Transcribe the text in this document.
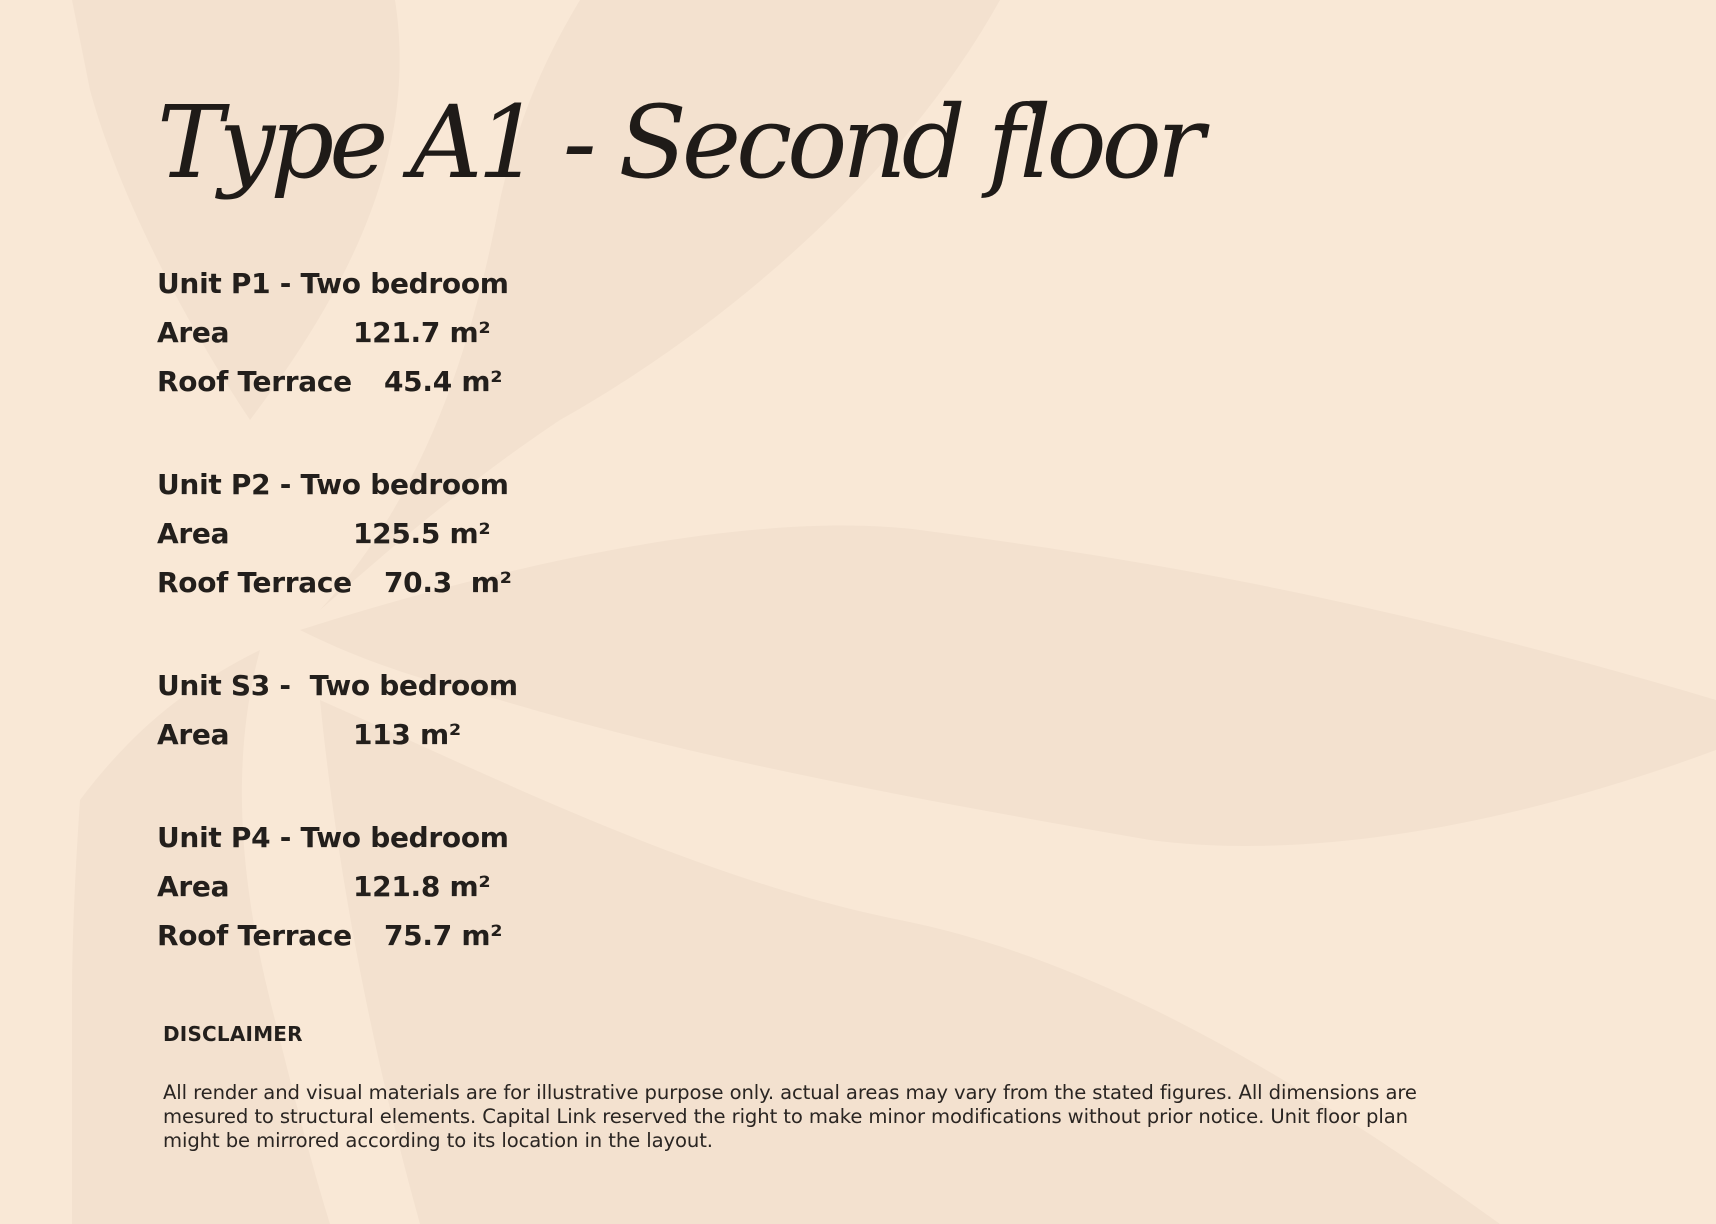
Type A1 - Second floor
Unit P1 - Two bedroom
Area	121.7 m²
Roof Terrace	45.4 m²
Unit P2 - Two bedroom
Area	125.5 m²
Roof Terrace	70.3  m²
Unit S3 -  Two bedroom
Area	113 m²
Unit P4 - Two bedroom
Area	121.8 m²
Roof Terrace	75.7 m²
DISCLAIMER

All render and visual materials are for illustrative purpose only. actual areas may vary from the stated figures. All dimensions are mesured to structural elements. Capital Link reserved the right to make minor modifications without prior notice. Unit floor plan might be mirrored according to its location in the layout.
